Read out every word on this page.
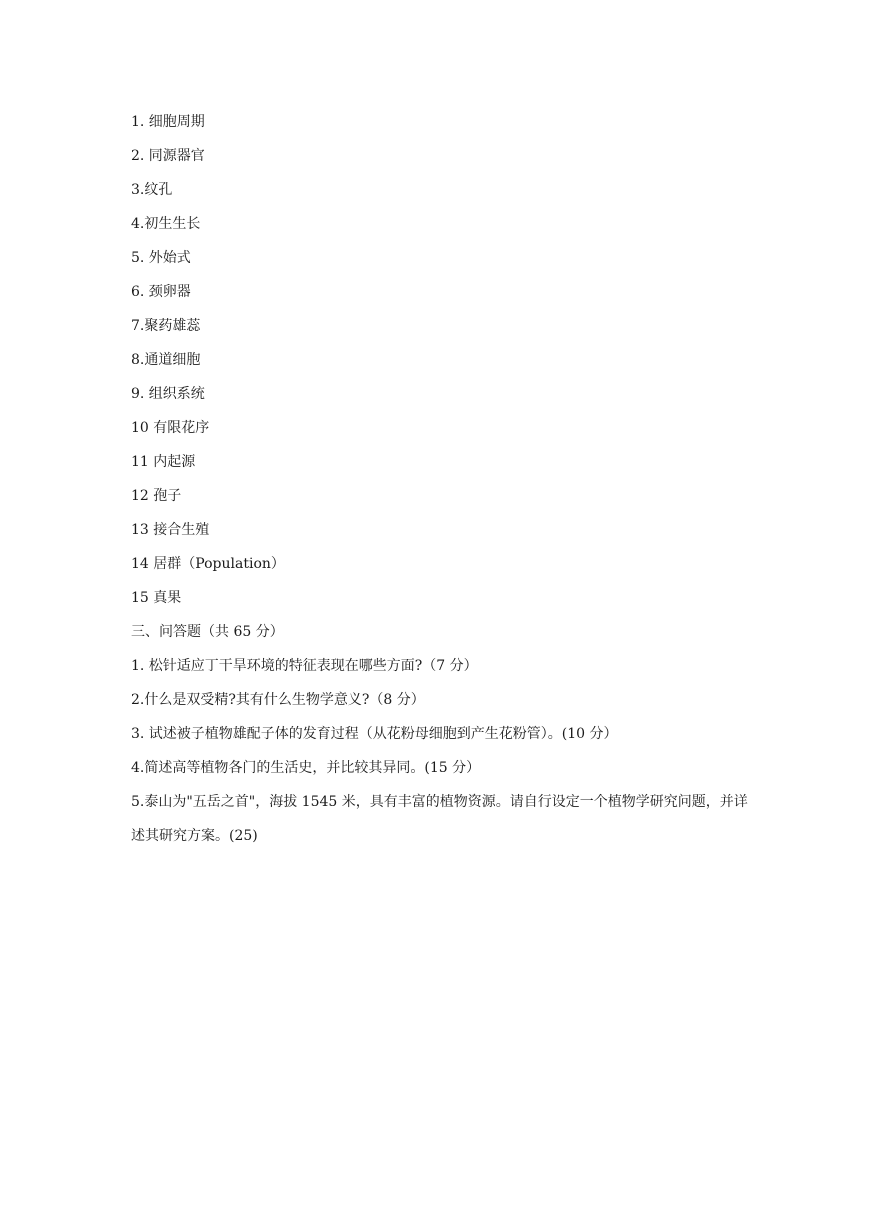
1. 细胞周期
2. 同源器官
3.纹孔
4.初生生长
5. 外始式
6. 颈卵器
7.聚药雄蕊
8.通道细胞
9. 组织系统
10 有限花序
11 内起源
12 孢子
13 接合生殖
14 居群（Population）
15 真果
三、问答题（共 65 分）
1. 松针适应丁干旱环境的特征表现在哪些方面?（7 分）
2.什么是双受精?其有什么生物学意义?（8 分）
3. 试述被子植物雄配子体的发育过程（从花粉母细胞到产生花粉管）。(10 分）
4.简述高等植物各门的生活史，并比较其异同。(15 分）
5.泰山为"五岳之首"，海拔 1545 米，具有丰富的植物资源。请自行设定一个植物学研究问题，并详述其研究方案。(25)
